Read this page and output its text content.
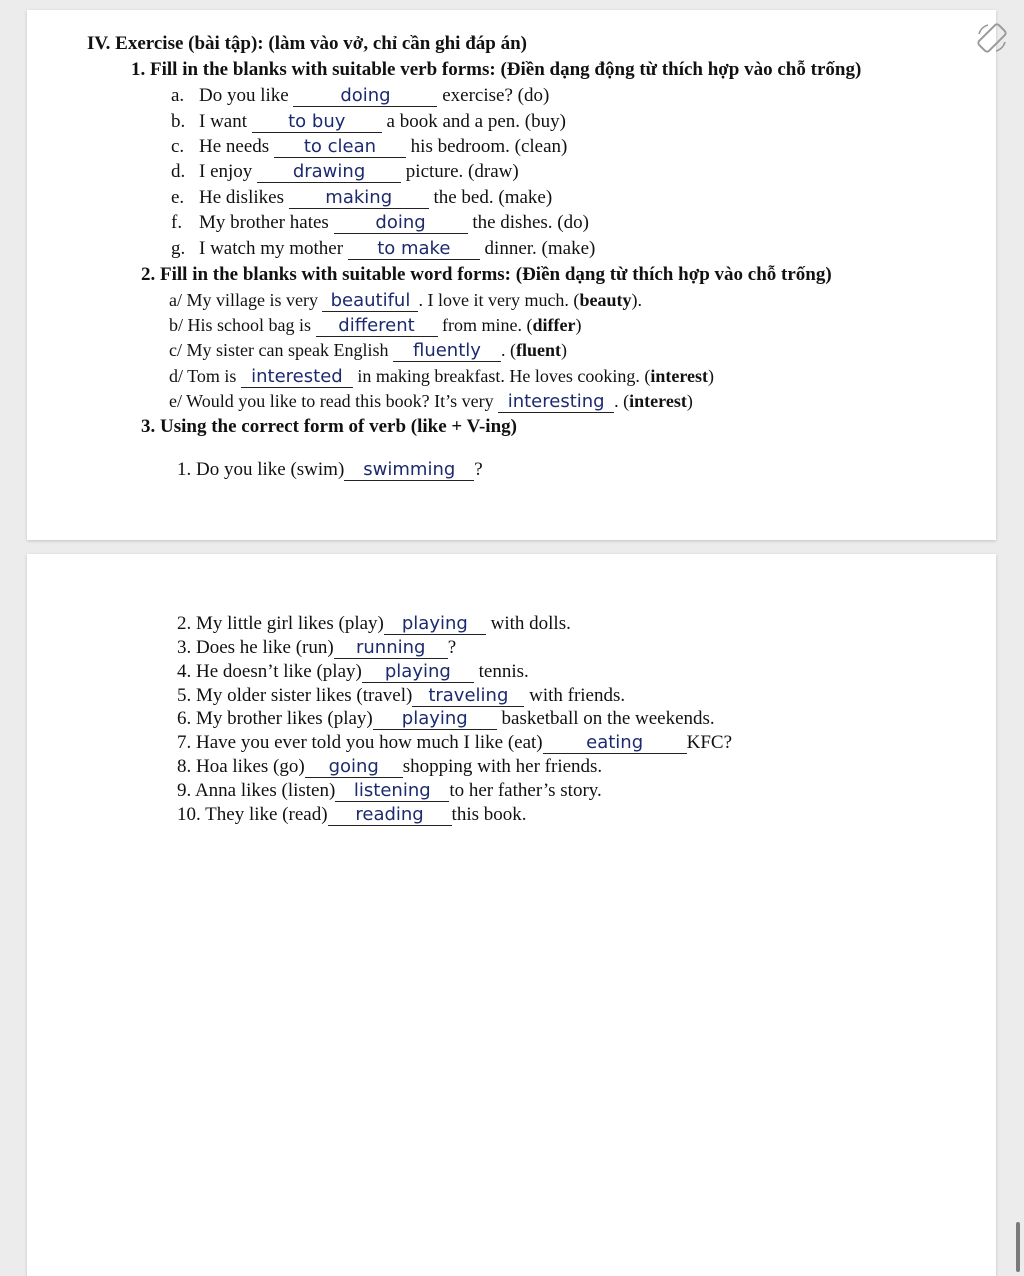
IV. Exercise (bài tập): (làm vào vở, chỉ cần ghi đáp án)
1. Fill in the blanks with suitable verb forms: (Điền dạng động từ thích hợp vào chỗ trống)
a. Do you like	doing	exercise? (do)
b. I want to buy a book and a pen. (buy)
c. He needs to clean his bedroom. (clean)
d. I enjoy drawing picture. (draw)
e. He dislikes making the bed. (make)
f. My brother hates	doing the dishes. (do)
g. I watch my mother to make dinner. (make)
2. Fill in the blanks with suitable word forms: (Điền dạng từ thích hợp vào chỗ trống)
a/ My village is very beautiful . I love it very much. (beauty).
b/ His school bag is different from mine. (differ)
c/ My sister can speak English fluently . (fluent)
d/ Tom is interested in making breakfast. He loves cooking. (interest)
e/ Would you like to read this book? It’s very interesting . (interest)
3. Using the correct form of verb (like + V-ing)
1. Do you like (swim) swimming ?
2. My little girl likes (play) playing with dolls.
3. Does he like (run) running ?
4. He doesn’t like (play) playing tennis.
5. My older sister likes (travel) traveling with friends.
6. My brother likes (play) playing basketball on the weekends.
7. Have you ever told you how much I like (eat) eating KFC?
8. Hoa likes (go) going shopping with her friends.
9. Anna likes (listen) listening to her father’s story.
10. They like (read) reading this book.
